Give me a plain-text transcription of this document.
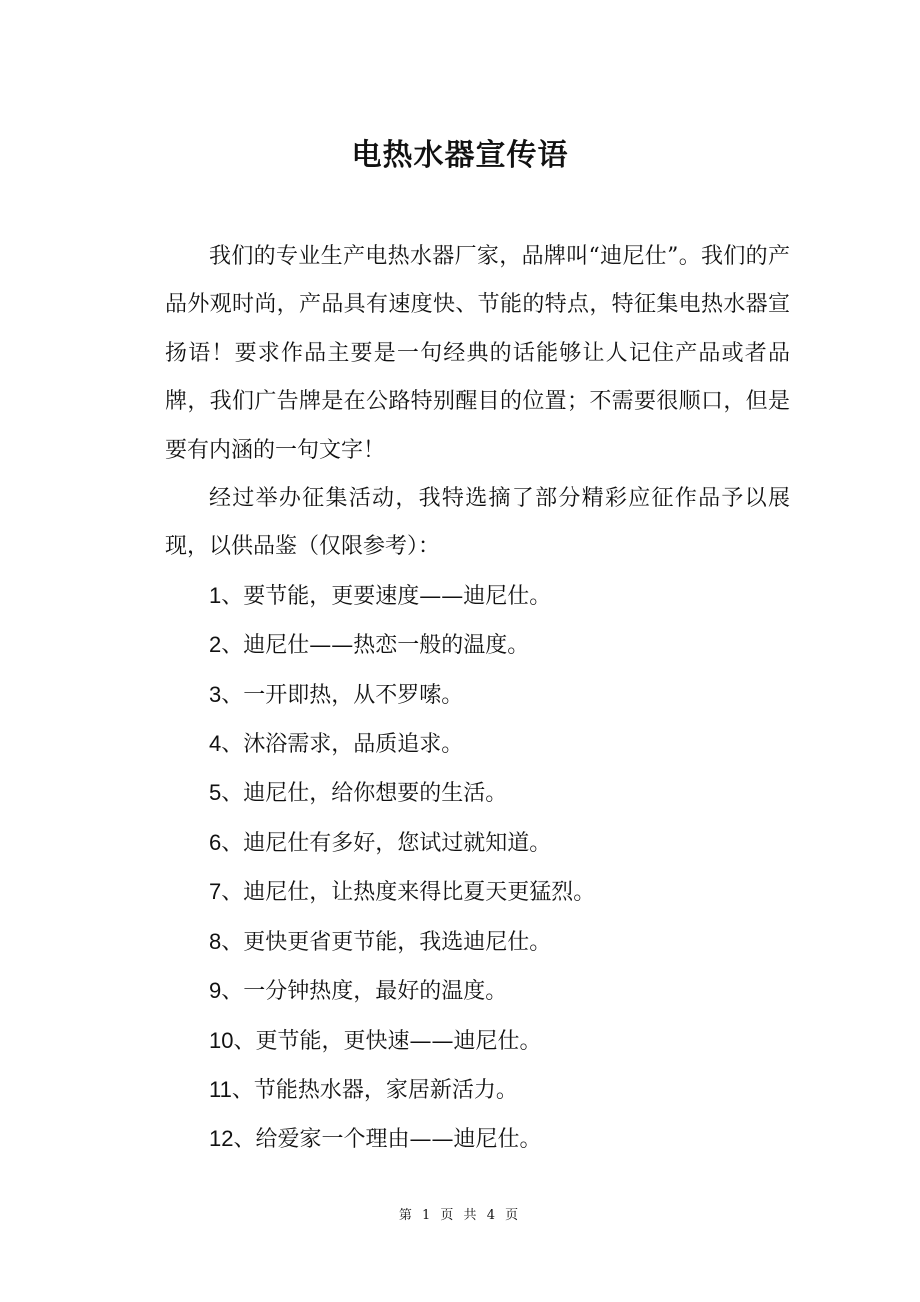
电热水器宣传语

我们的专业生产电热水器厂家，品牌叫“迪尼仕”。我们的产品外观时尚，产品具有速度快、节能的特点，特征集电热水器宣扬语！要求作品主要是一句经典的话能够让人记住产品或者品牌，我们广告牌是在公路特别醒目的位置；不需要很顺口，但是要有内涵的一句文字！

经过举办征集活动，我特选摘了部分精彩应征作品予以展现，以供品鉴（仅限参考）：

1、要节能，更要速度——迪尼仕。
2、迪尼仕——热恋一般的温度。
3、一开即热，从不罗嗦。
4、沐浴需求，品质追求。
5、迪尼仕，给你想要的生活。
6、迪尼仕有多好，您试过就知道。
7、迪尼仕，让热度来得比夏天更猛烈。
8、更快更省更节能，我选迪尼仕。
9、一分钟热度，最好的温度。
10、更节能，更快速——迪尼仕。
11、节能热水器，家居新活力。
12、给爱家一个理由——迪尼仕。
第 1 页 共 4 页
